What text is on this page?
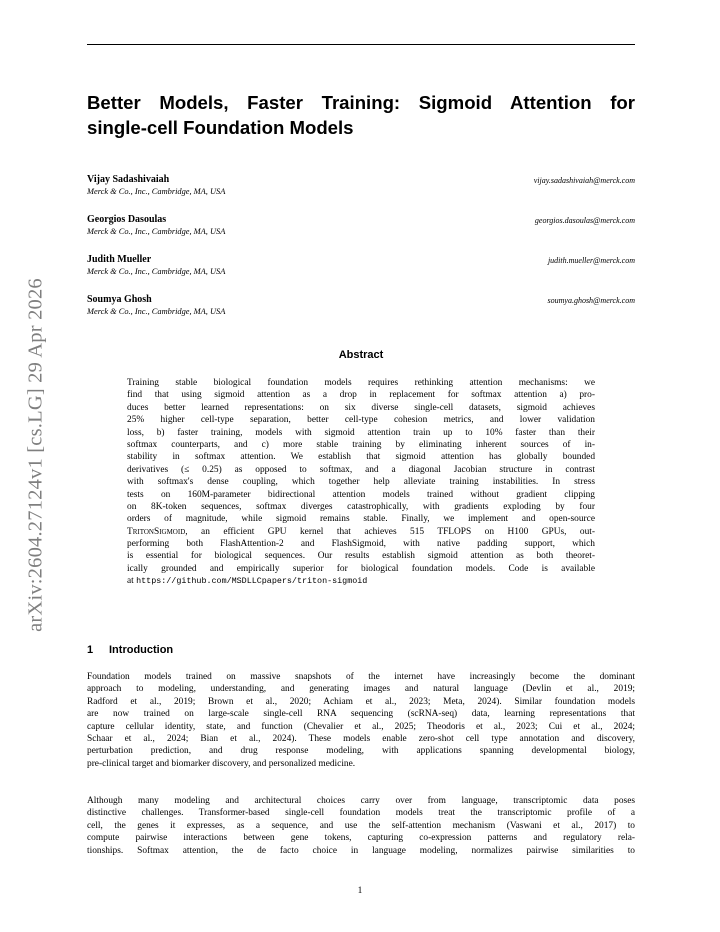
arXiv:2604.27124v1 [cs.LG] 29 Apr 2026
Better Models, Faster Training: Sigmoid Attention for
single-cell Foundation Models
Vijay Sadashivaiah
Merck & Co., Inc., Cambridge, MA, USA
vijay.sadashivaiah@merck.com
Georgios Dasoulas
Merck & Co., Inc., Cambridge, MA, USA
georgios.dasoulas@merck.com
Judith Mueller
Merck & Co., Inc., Cambridge, MA, USA
judith.mueller@merck.com
Soumya Ghosh
Merck & Co., Inc., Cambridge, MA, USA
soumya.ghosh@merck.com
Abstract
Training stable biological foundation models requires rethinking attention mechanisms: we
find that using sigmoid attention as a drop in replacement for softmax attention a) pro-
duces better learned representations: on six diverse single-cell datasets, sigmoid achieves
25% higher cell-type separation, better cell-type cohesion metrics, and lower validation
loss, b) faster training, models with sigmoid attention train up to 10% faster than their
softmax counterparts, and c) more stable training by eliminating inherent sources of in-
stability in softmax attention. We establish that sigmoid attention has globally bounded
derivatives (≤ 0.25) as opposed to softmax, and a diagonal Jacobian structure in contrast
with softmax's dense coupling, which together help alleviate training instabilities. In stress
tests on 160M-parameter bidirectional attention models trained without gradient clipping
on 8K-token sequences, softmax diverges catastrophically, with gradients exploding by four
orders of magnitude, while sigmoid remains stable. Finally, we implement and open-source
TritonSigmoid, an efficient GPU kernel that achieves 515 TFLOPS on H100 GPUs, out-
performing both FlashAttention-2 and FlashSigmoid, with native padding support, which
is essential for biological sequences. Our results establish sigmoid attention as both theoret-
ically grounded and empirically superior for biological foundation models. Code is available
at https://github.com/MSDLLCpapers/triton-sigmoid
1 Introduction
Foundation models trained on massive snapshots of the internet have increasingly become the dominant
approach to modeling, understanding, and generating images and natural language (Devlin et al., 2019;
Radford et al., 2019; Brown et al., 2020; Achiam et al., 2023; Meta, 2024). Similar foundation models
are now trained on large-scale single-cell RNA sequencing (scRNA-seq) data, learning representations that
capture cellular identity, state, and function (Chevalier et al., 2025; Theodoris et al., 2023; Cui et al., 2024;
Schaar et al., 2024; Bian et al., 2024). These models enable zero-shot cell type annotation and discovery,
perturbation prediction, and drug response modeling, with applications spanning developmental biology,
pre-clinical target and biomarker discovery, and personalized medicine.
Although many modeling and architectural choices carry over from language, transcriptomic data poses
distinctive challenges. Transformer-based single-cell foundation models treat the transcriptomic profile of a
cell, the genes it expresses, as a sequence, and use the self-attention mechanism (Vaswani et al., 2017) to
compute pairwise interactions between gene tokens, capturing co-expression patterns and regulatory rela-
tionships. Softmax attention, the de facto choice in language modeling, normalizes pairwise similarities to
1
